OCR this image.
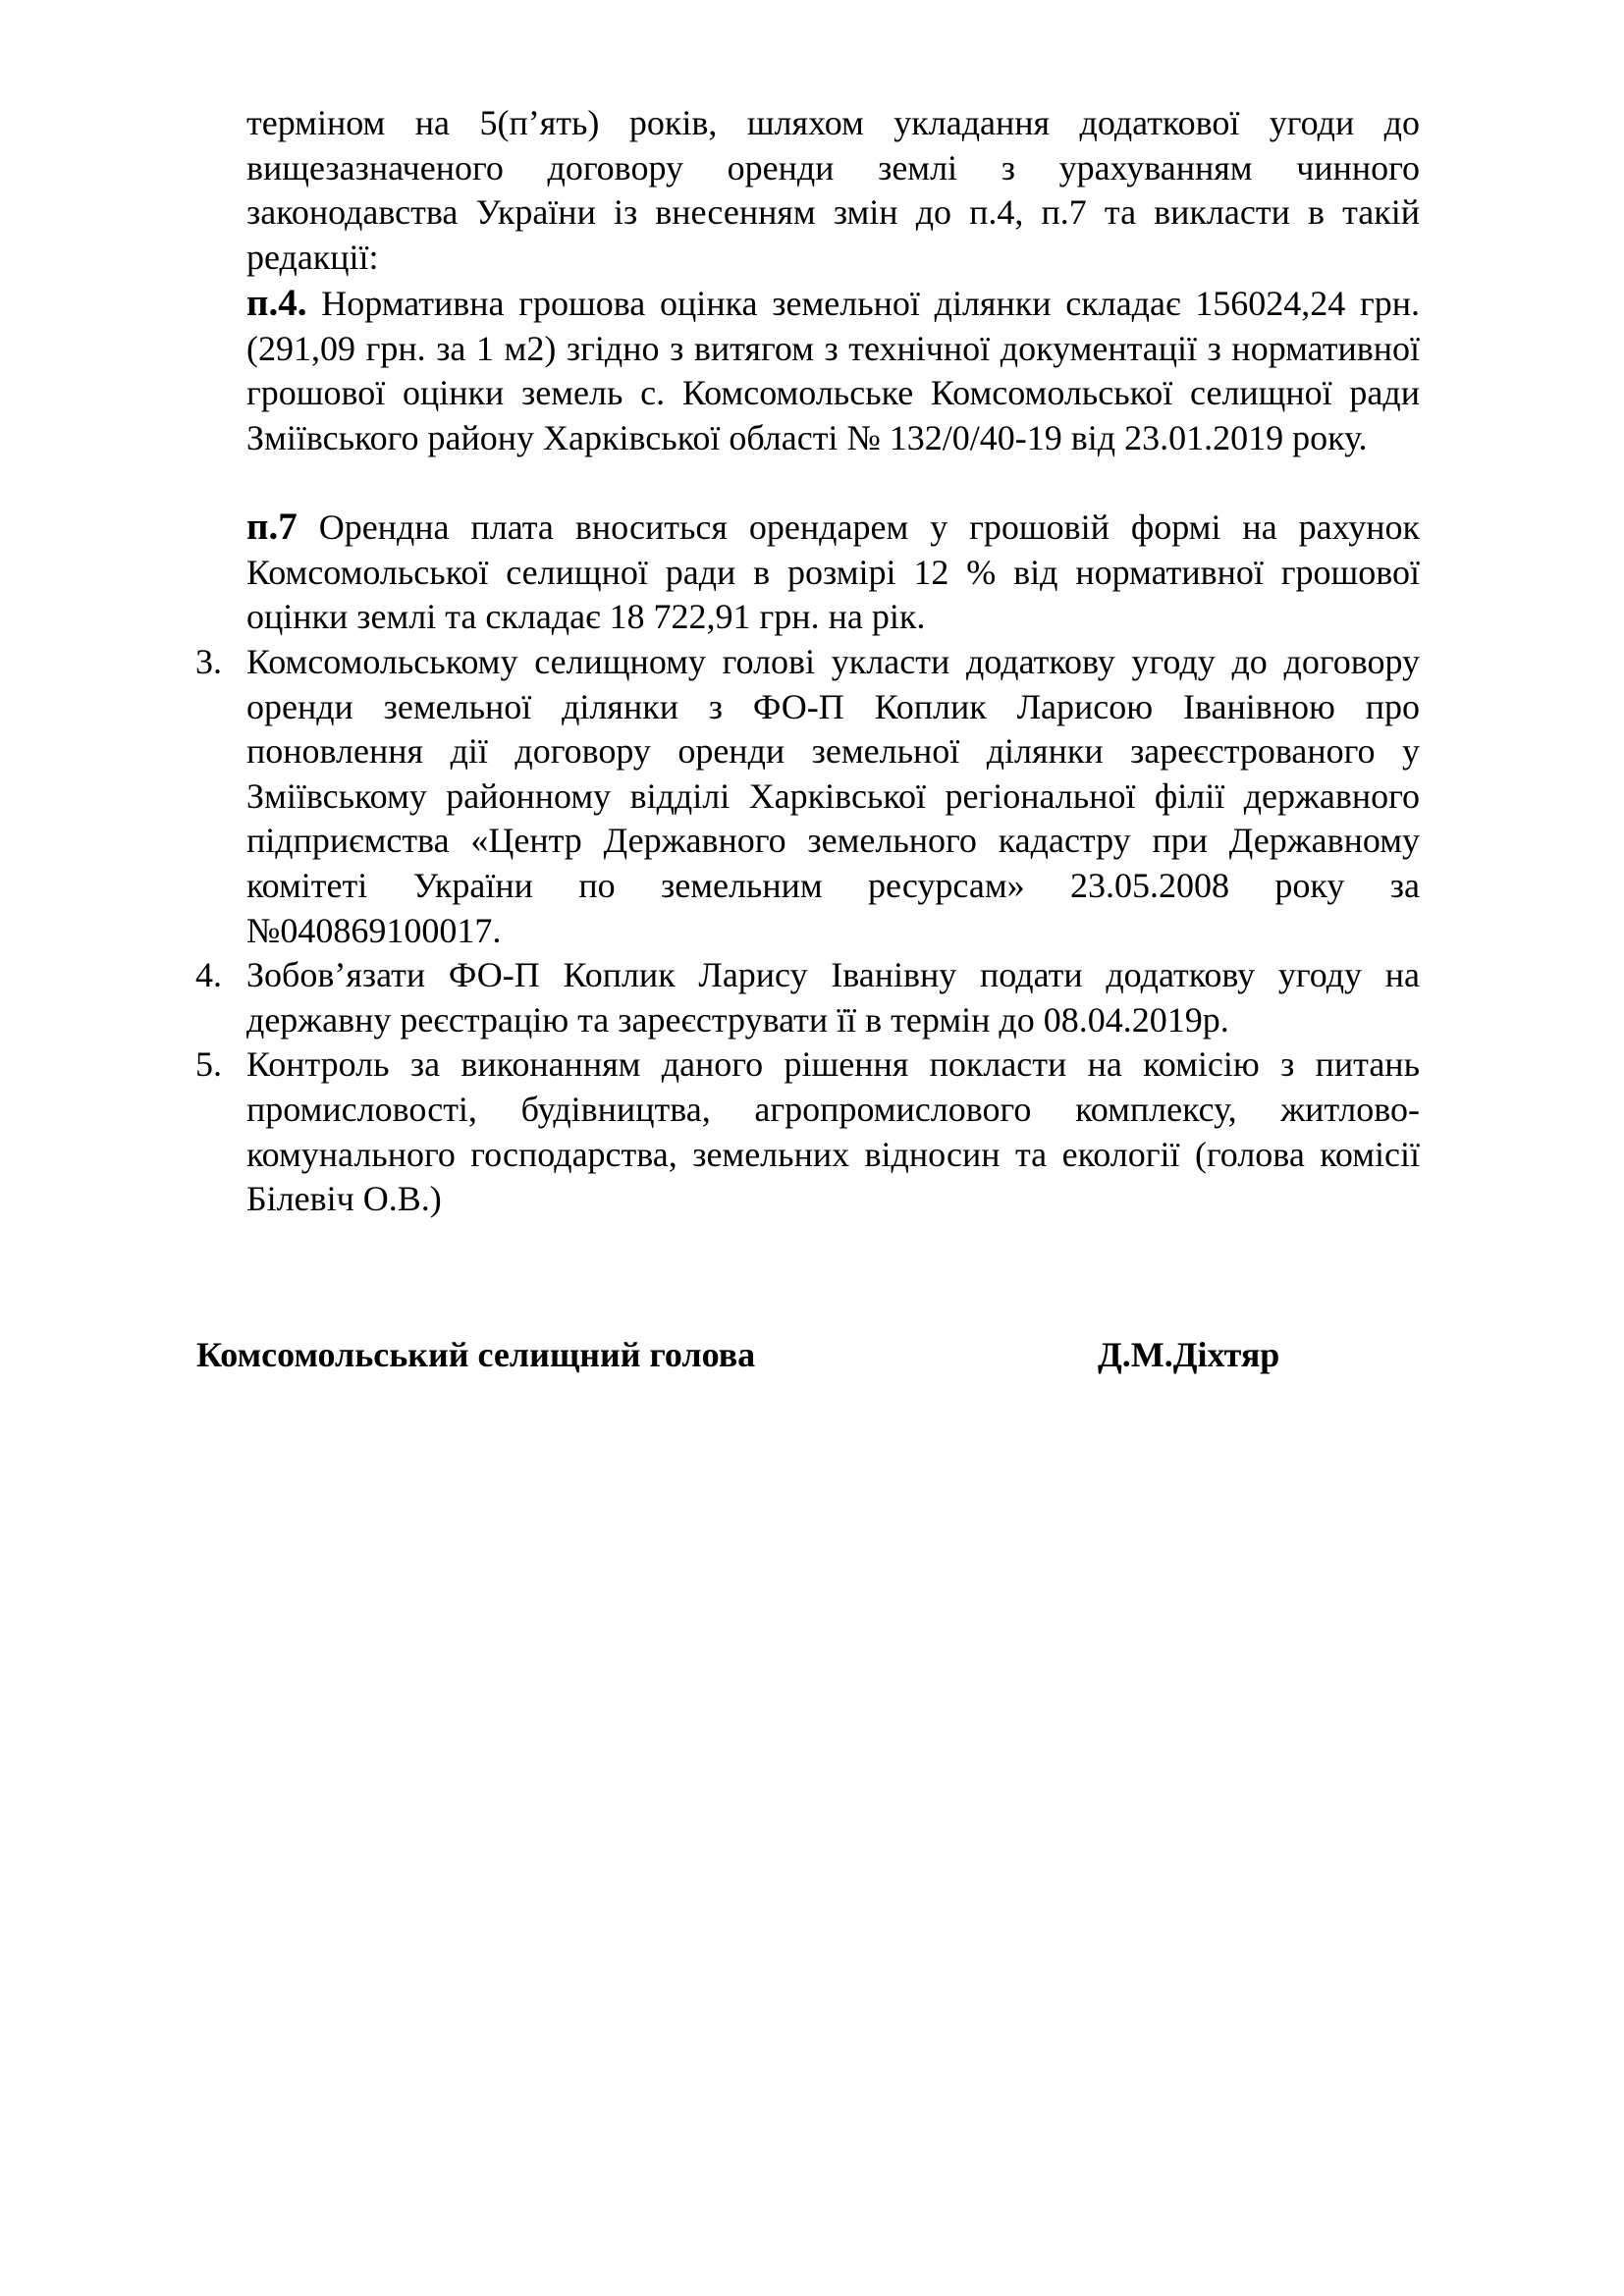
терміном на 5(п’ять) років, шляхом укладання додаткової угоди до вищезазначеного договору оренди землі з урахуванням чинного законодавства України із внесенням змін до п.4, п.7 та викласти в такій редакції:

п.4. Нормативна грошова оцінка земельної ділянки складає 156024,24 грн. (291,09 грн. за 1 м2) згідно з витягом з технічної документації з нормативної грошової оцінки земель с. Комсомольське Комсомольської селищної ради Зміївського району Харківської області № 132/0/40-19 від 23.01.2019 року.

п.7 Орендна плата вноситься орендарем у грошовій формі на рахунок Комсомольської селищної ради в розмірі 12 % від нормативної грошової оцінки землі та складає 18 722,91 грн. на рік.

3. Комсомольському селищному голові укласти додаткову угоду до договору оренди земельної ділянки з ФО-П Коплик Ларисою Іванівною про поновлення дії договору оренди земельної ділянки зареєстрованого у Зміївському районному відділі Харківської регіональної філії державного підприємства «Центр Державного земельного кадастру при Державному комітеті України по земельним ресурсам» 23.05.2008 року за №040869100017.
4. Зобов’язати ФО-П Коплик Ларису Іванівну подати додаткову угоду на державну реєстрацію та зареєструвати її в термін до 08.04.2019р.
5. Контроль за виконанням даного рішення покласти на комісію з питань промисловості, будівництва, агропромислового комплексу, житлово-комунального господарства, земельних відносин та екології (голова комісії Білевіч О.В.)
Комсомольський селищний голова	Д.М.Діхтяр
